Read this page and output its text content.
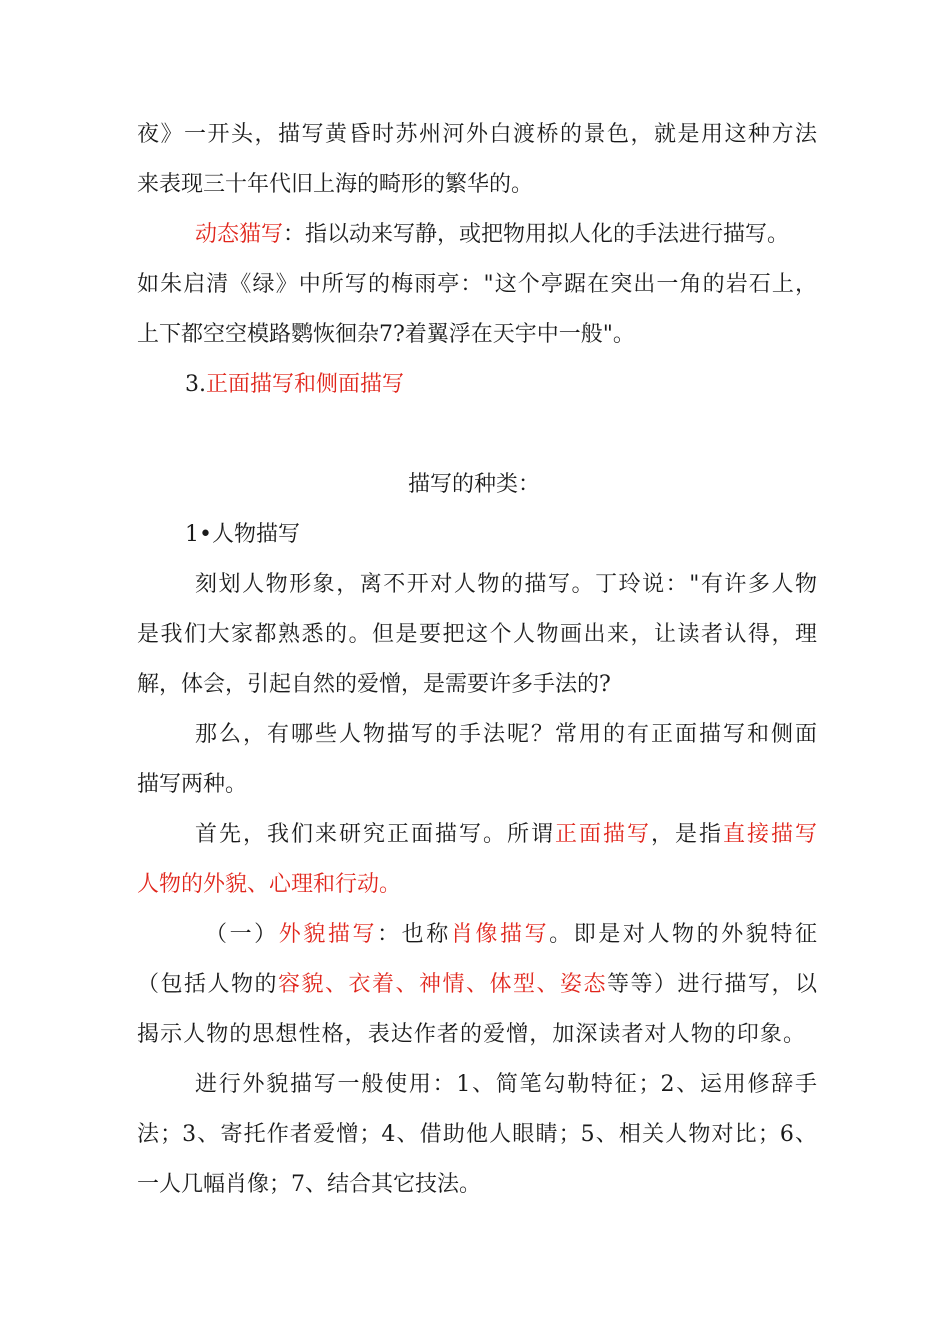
夜》一开头，描写黄昏时苏州河外白渡桥的景色，就是用这种方法
来表现三十年代旧上海的畸形的繁华的。
动态猫写：指以动来写静，或把物用拟人化的手法进行描写。
如朱启清《绿》中所写的梅雨亭："这个亭踞在突出一角的岩石上，
上下都空空模路鹦恢徊杂7?着翼浮在天宇中一般"。
3.正面描写和侧面描写
描写的种类：
1•人物描写
刻划人物形象，离不开对人物的描写。丁玲说："有许多人物
是我们大家都熟悉的。但是要把这个人物画出来，让读者认得，理
解，体会，引起自然的爱憎，是需要许多手法的?
那么，有哪些人物描写的手法呢？常用的有正面描写和侧面
描写两种。
首先，我们来研究正面描写。所谓正面描写，是指直接描写
人物的外貌、心理和行动。
（一）外貌描写：也称肖像描写。即是对人物的外貌特征
（包括人物的容貌、衣着、神情、体型、姿态等等）进行描写，以
揭示人物的思想性格，表达作者的爱憎，加深读者对人物的印象。
进行外貌描写一般使用：1、简笔勾勒特征；2、运用修辞手
法；3、寄托作者爱憎；4、借助他人眼睛；5、相关人物对比；6、
一人几幅肖像；7、结合其它技法。
